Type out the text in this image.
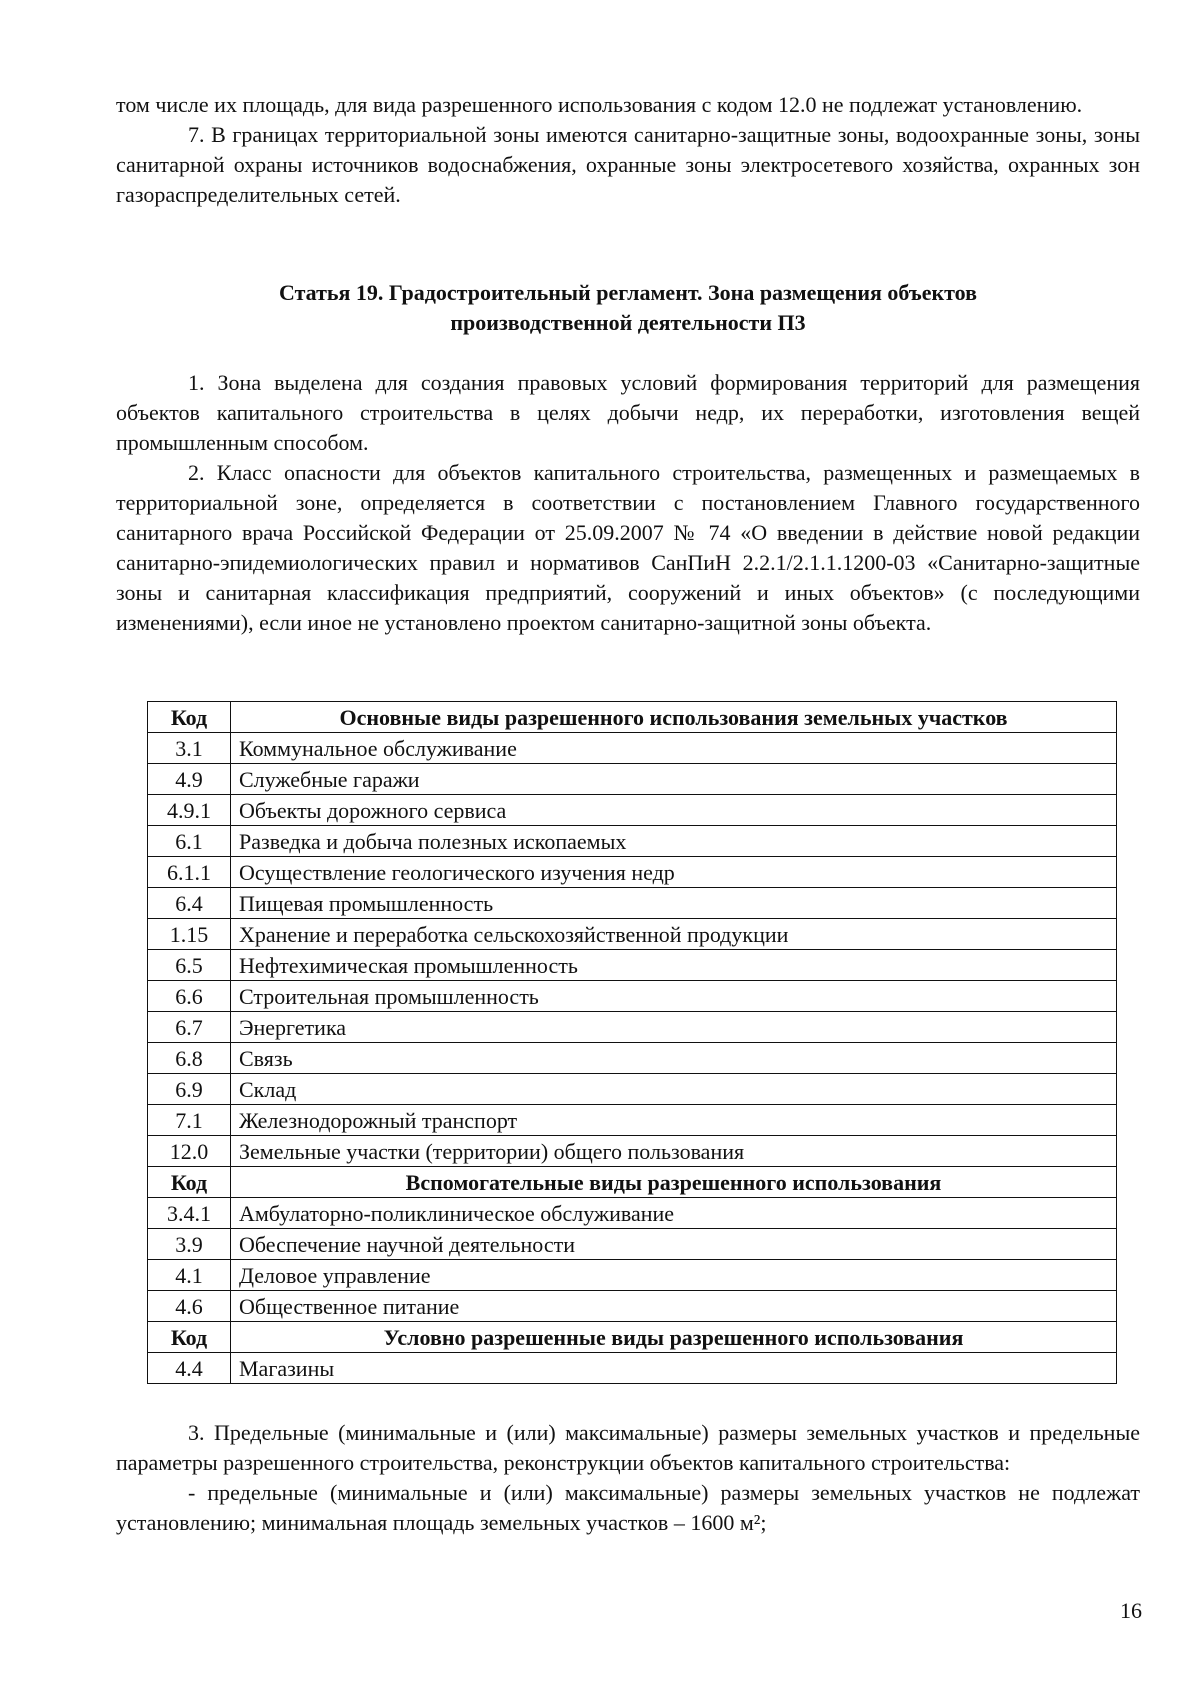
том числе их площадь, для вида разрешенного использования с кодом 12.0 не подлежат установлению.

7. В границах территориальной зоны имеются санитарно-защитные зоны, водоохранные зоны, зоны санитарной охраны источников водоснабжения, охранные зоны электросетевого хозяйства, охранных зон газораспределительных сетей.

Статья 19. Градостроительный регламент. Зона размещения объектов
производственной деятельности П3

1. Зона выделена для создания правовых условий формирования территорий для размещения объектов капитального строительства в целях добычи недр, их переработки, изготовления вещей промышленным способом.

2. Класс опасности для объектов капитального строительства, размещенных и размещаемых в территориальной зоне, определяется в соответствии с постановлением Главного государственного санитарного врача Российской Федерации от 25.09.2007 № 74 «О введении в действие новой редакции санитарно-эпидемиологических правил и нормативов СанПиН 2.2.1/2.1.1.1200-03 «Санитарно-защитные зоны и санитарная классификация предприятий, сооружений и иных объектов» (с последующими изменениями), если иное не установлено проектом санитарно-защитной зоны объекта.

Код	Основные виды разрешенного использования земельных участков
3.1	Коммунальное обслуживание
4.9	Служебные гаражи
4.9.1	Объекты дорожного сервиса
6.1	Разведка и добыча полезных ископаемых
6.1.1	Осуществление геологического изучения недр
6.4	Пищевая промышленность
1.15	Хранение и переработка сельскохозяйственной продукции
6.5	Нефтехимическая промышленность
6.6	Строительная промышленность
6.7	Энергетика
6.8	Связь
6.9	Склад
7.1	Железнодорожный транспорт
12.0	Земельные участки (территории) общего пользования
Код	Вспомогательные виды разрешенного использования
3.4.1	Амбулаторно-поликлиническое обслуживание
3.9	Обеспечение научной деятельности
4.1	Деловое управление
4.6	Общественное питание
Код	Условно разрешенные виды разрешенного использования
4.4	Магазины

3. Предельные (минимальные и (или) максимальные) размеры земельных участков и предельные параметры разрешенного строительства, реконструкции объектов капитального строительства:

- предельные (минимальные и (или) максимальные) размеры земельных участков не подлежат установлению; минимальная площадь земельных участков – 1600 м²;

16
